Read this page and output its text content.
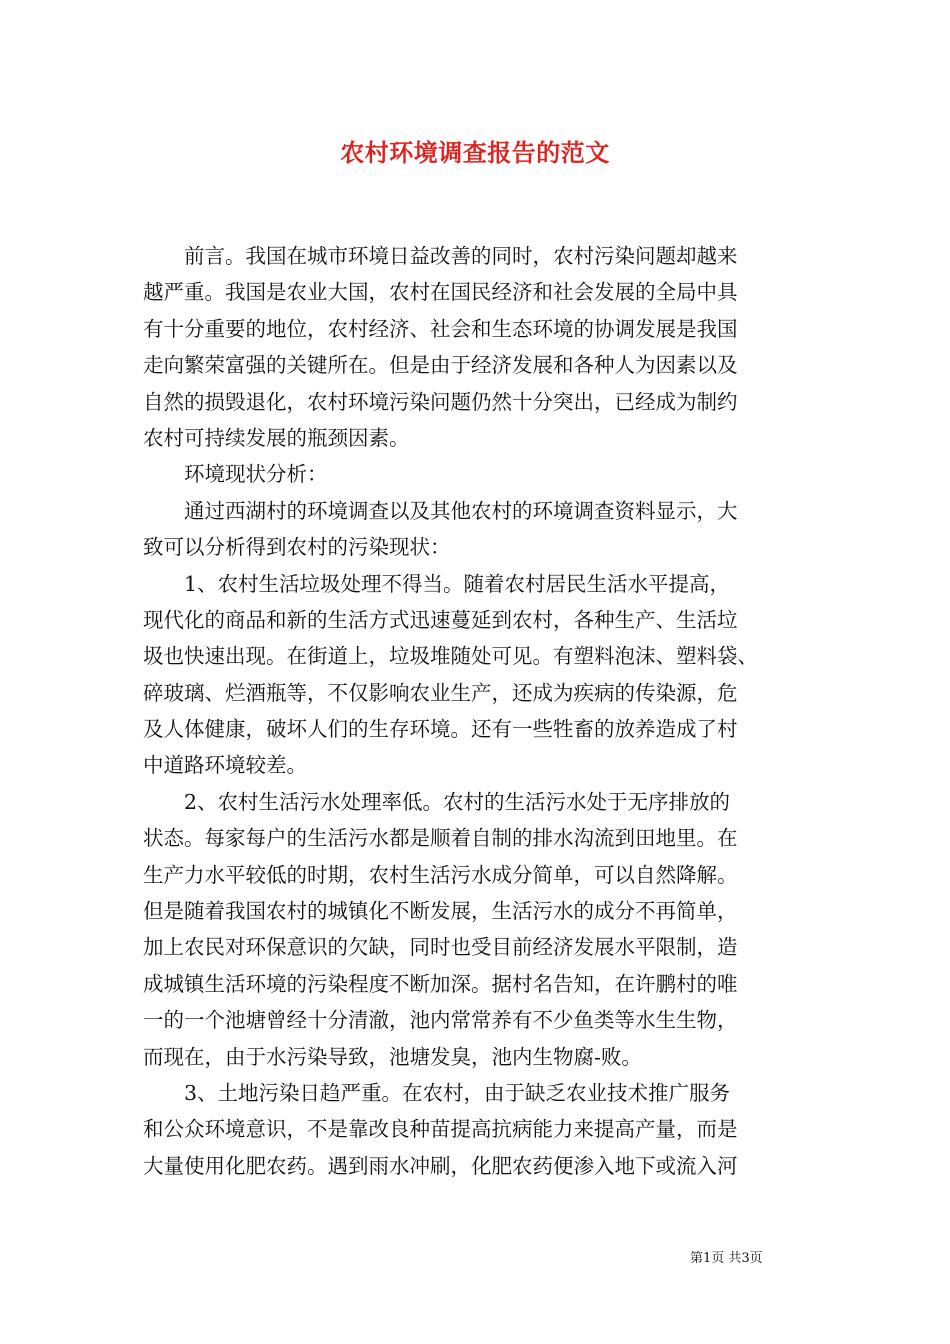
农村环境调查报告的范文
前言。我国在城市环境日益改善的同时，农村污染问题却越来
越严重。我国是农业大国，农村在国民经济和社会发展的全局中具
有十分重要的地位，农村经济、社会和生态环境的协调发展是我国
走向繁荣富强的关键所在。但是由于经济发展和各种人为因素以及
自然的损毁退化，农村环境污染问题仍然十分突出，已经成为制约
农村可持续发展的瓶颈因素。
环境现状分析：
通过西湖村的环境调查以及其他农村的环境调查资料显示，大
致可以分析得到农村的污染现状：
1、农村生活垃圾处理不得当。随着农村居民生活水平提高，
现代化的商品和新的生活方式迅速蔓延到农村，各种生产、生活垃
圾也快速出现。在街道上，垃圾堆随处可见。有塑料泡沫、塑料袋、
碎玻璃、烂酒瓶等，不仅影响农业生产，还成为疾病的传染源，危
及人体健康，破坏人们的生存环境。还有一些牲畜的放养造成了村
中道路环境较差。
2、农村生活污水处理率低。农村的生活污水处于无序排放的
状态。每家每户的生活污水都是顺着自制的排水沟流到田地里。在
生产力水平较低的时期，农村生活污水成分简单，可以自然降解。
但是随着我国农村的城镇化不断发展，生活污水的成分不再简单，
加上农民对环保意识的欠缺，同时也受目前经济发展水平限制，造
成城镇生活环境的污染程度不断加深。据村名告知，在许鹏村的唯
一的一个池塘曾经十分清澈，池内常常养有不少鱼类等水生生物，
而现在，由于水污染导致，池塘发臭，池内生物腐-败。
3、土地污染日趋严重。在农村，由于缺乏农业技术推广服务
和公众环境意识，不是靠改良种苗提高抗病能力来提高产量，而是
大量使用化肥农药。遇到雨水冲刷，化肥农药便渗入地下或流入河
第1页 共3页
